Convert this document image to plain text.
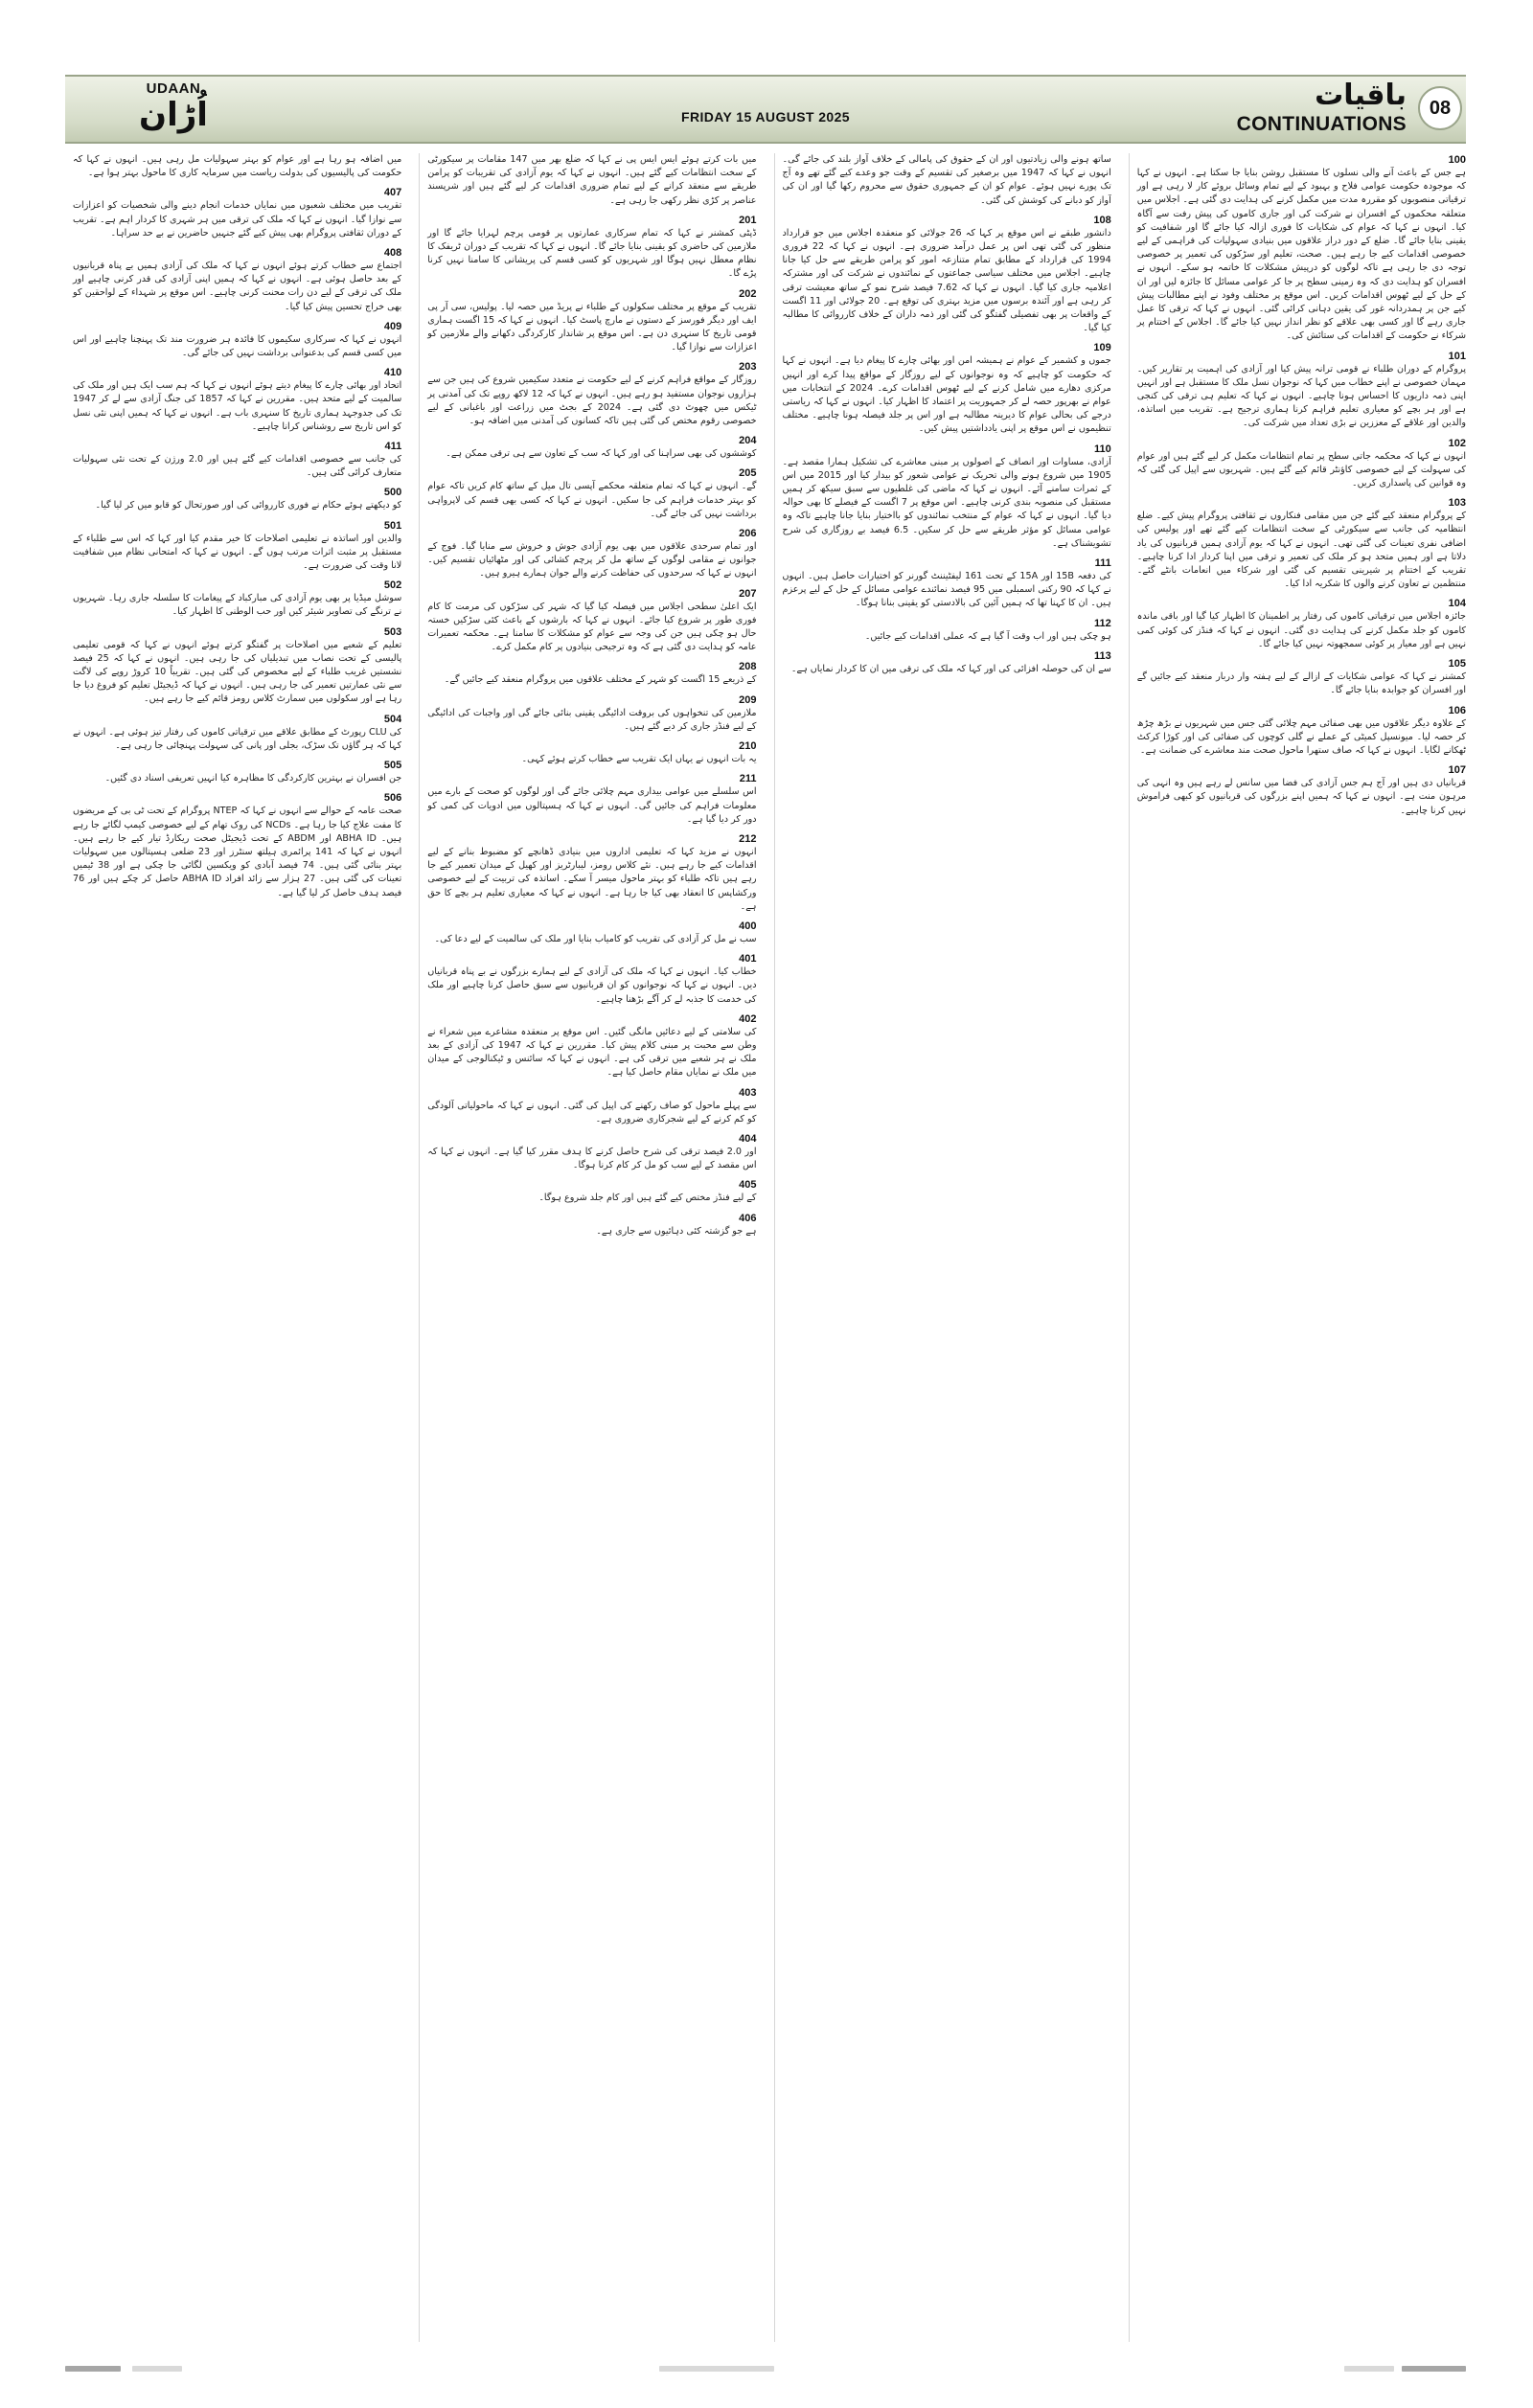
UDAAN
اُڑان	FRIDAY 15 AUGUST 2025
باقیات
CONTINUATIONS
08
100
ہے جس کے باعث آنے والی نسلوں کا مستقبل روشن بنایا جا سکتا ہے۔ انہوں نے کہا کہ موجودہ حکومت عوامی فلاح و بہبود کے لیے تمام وسائل بروئے کار لا رہی ہے اور ترقیاتی منصوبوں کو مقررہ مدت میں مکمل کرنے کی ہدایت دی گئی ہے۔ اجلاس میں متعلقہ محکموں کے افسران نے شرکت کی اور جاری کاموں کی پیش رفت سے آگاہ کیا۔ انہوں نے کہا کہ عوام کی شکایات کا فوری ازالہ کیا جائے گا اور شفافیت کو یقینی بنایا جائے گا۔ ضلع کے دور دراز علاقوں میں بنیادی سہولیات کی فراہمی کے لیے خصوصی اقدامات کیے جا رہے ہیں۔ صحت، تعلیم اور سڑکوں کی تعمیر پر خصوصی توجہ دی جا رہی ہے تاکہ لوگوں کو درپیش مشکلات کا خاتمہ ہو سکے۔ انہوں نے افسران کو ہدایت دی کہ وہ زمینی سطح پر جا کر عوامی مسائل کا جائزہ لیں اور ان کے حل کے لیے ٹھوس اقدامات کریں۔ اس موقع پر مختلف وفود نے اپنے مطالبات پیش کیے جن پر ہمدردانہ غور کی یقین دہانی کرائی گئی۔ انہوں نے کہا کہ ترقی کا عمل جاری رہے گا اور کسی بھی علاقے کو نظر انداز نہیں کیا جائے گا۔ اجلاس کے اختتام پر شرکاء نے حکومت کے اقدامات کی ستائش کی۔
101
پروگرام کے دوران طلباء نے قومی ترانہ پیش کیا اور آزادی کی اہمیت پر تقاریر کیں۔ مہمان خصوصی نے اپنے خطاب میں کہا کہ نوجوان نسل ملک کا مستقبل ہے اور انہیں اپنی ذمہ داریوں کا احساس ہونا چاہیے۔ انہوں نے کہا کہ تعلیم ہی ترقی کی کنجی ہے اور ہر بچے کو معیاری تعلیم فراہم کرنا ہماری ترجیح ہے۔ تقریب میں اساتذہ، والدین اور علاقے کے معززین نے بڑی تعداد میں شرکت کی۔
102
انہوں نے کہا کہ محکمہ جاتی سطح پر تمام انتظامات مکمل کر لیے گئے ہیں اور عوام کی سہولت کے لیے خصوصی کاؤنٹر قائم کیے گئے ہیں۔ شہریوں سے اپیل کی گئی کہ وہ قوانین کی پاسداری کریں۔
103
کے پروگرام منعقد کیے گئے جن میں مقامی فنکاروں نے ثقافتی پروگرام پیش کیے۔ ضلع انتظامیہ کی جانب سے سیکورٹی کے سخت انتظامات کیے گئے تھے اور پولیس کی اضافی نفری تعینات کی گئی تھی۔ انہوں نے کہا کہ یوم آزادی ہمیں قربانیوں کی یاد دلاتا ہے اور ہمیں متحد ہو کر ملک کی تعمیر و ترقی میں اپنا کردار ادا کرنا چاہیے۔ تقریب کے اختتام پر شیرینی تقسیم کی گئی اور شرکاء میں انعامات بانٹے گئے۔ منتظمین نے تعاون کرنے والوں کا شکریہ ادا کیا۔
104
جائزہ اجلاس میں ترقیاتی کاموں کی رفتار پر اطمینان کا اظہار کیا گیا اور باقی ماندہ کاموں کو جلد مکمل کرنے کی ہدایت دی گئی۔ انہوں نے کہا کہ فنڈز کی کوئی کمی نہیں ہے اور معیار پر کوئی سمجھوتہ نہیں کیا جائے گا۔
105
کمشنر نے کہا کہ عوامی شکایات کے ازالے کے لیے ہفتہ وار دربار منعقد کیے جائیں گے اور افسران کو جوابدہ بنایا جائے گا۔
106
کے علاوہ دیگر علاقوں میں بھی صفائی مہم چلائی گئی جس میں شہریوں نے بڑھ چڑھ کر حصہ لیا۔ میونسپل کمیٹی کے عملے نے گلی کوچوں کی صفائی کی اور کوڑا کرکٹ ٹھکانے لگایا۔ انہوں نے کہا کہ صاف ستھرا ماحول صحت مند معاشرے کی ضمانت ہے۔
107
قربانیاں دی ہیں اور آج ہم جس آزادی کی فضا میں سانس لے رہے ہیں وہ انہی کی مرہون منت ہے۔ انہوں نے کہا کہ ہمیں اپنے بزرگوں کی قربانیوں کو کبھی فراموش نہیں کرنا چاہیے۔
ساتھ ہونے والی زیادتیوں اور ان کے حقوق کی پامالی کے خلاف آواز بلند کی جائے گی۔ انہوں نے کہا کہ 1947 میں برصغیر کی تقسیم کے وقت جو وعدے کیے گئے تھے وہ آج تک پورے نہیں ہوئے۔ عوام کو ان کے جمہوری حقوق سے محروم رکھا گیا اور ان کی آواز کو دبانے کی کوشش کی گئی۔
108
دانشور طبقے نے اس موقع پر کہا کہ 26 جولائی کو منعقدہ اجلاس میں جو قرارداد منظور کی گئی تھی اس پر عمل درآمد ضروری ہے۔ انہوں نے کہا کہ 22 فروری 1994 کی قرارداد کے مطابق تمام متنازعہ امور کو پرامن طریقے سے حل کیا جانا چاہیے۔ اجلاس میں مختلف سیاسی جماعتوں کے نمائندوں نے شرکت کی اور مشترکہ اعلامیہ جاری کیا گیا۔ انہوں نے کہا کہ 7.62 فیصد شرح نمو کے ساتھ معیشت ترقی کر رہی ہے اور آئندہ برسوں میں مزید بہتری کی توقع ہے۔ 20 جولائی اور 11 اگست کے واقعات پر بھی تفصیلی گفتگو کی گئی اور ذمہ داران کے خلاف کارروائی کا مطالبہ کیا گیا۔
109
جموں و کشمیر کے عوام نے ہمیشہ امن اور بھائی چارے کا پیغام دیا ہے۔ انہوں نے کہا کہ حکومت کو چاہیے کہ وہ نوجوانوں کے لیے روزگار کے مواقع پیدا کرے اور انہیں مرکزی دھارے میں شامل کرنے کے لیے ٹھوس اقدامات کرے۔ 2024 کے انتخابات میں عوام نے بھرپور حصہ لے کر جمہوریت پر اعتماد کا اظہار کیا۔ انہوں نے کہا کہ ریاستی درجے کی بحالی عوام کا دیرینہ مطالبہ ہے اور اس پر جلد فیصلہ ہونا چاہیے۔ مختلف تنظیموں نے اس موقع پر اپنی یادداشتیں پیش کیں۔
110
آزادی، مساوات اور انصاف کے اصولوں پر مبنی معاشرے کی تشکیل ہمارا مقصد ہے۔ 1905 میں شروع ہونے والی تحریک نے عوامی شعور کو بیدار کیا اور 2015 میں اس کے ثمرات سامنے آئے۔ انہوں نے کہا کہ ماضی کی غلطیوں سے سبق سیکھ کر ہمیں مستقبل کی منصوبہ بندی کرنی چاہیے۔ اس موقع پر 7 اگست کے فیصلے کا بھی حوالہ دیا گیا۔ انہوں نے کہا کہ عوام کے منتخب نمائندوں کو بااختیار بنایا جانا چاہیے تاکہ وہ عوامی مسائل کو مؤثر طریقے سے حل کر سکیں۔ 6.5 فیصد بے روزگاری کی شرح تشویشناک ہے۔
111
کی دفعہ 15B اور 15A کے تحت 161 لیفٹیننٹ گورنر کو اختیارات حاصل ہیں۔ انہوں نے کہا کہ 90 رکنی اسمبلی میں 95 فیصد نمائندے عوامی مسائل کے حل کے لیے پرعزم ہیں۔ ان کا کہنا تھا کہ ہمیں آئین کی بالادستی کو یقینی بنانا ہوگا۔
112
ہو چکی ہیں اور اب وقت آ گیا ہے کہ عملی اقدامات کیے جائیں۔
113
سے ان کی حوصلہ افزائی کی اور کہا کہ ملک کی ترقی میں ان کا کردار نمایاں ہے۔
میں بات کرتے ہوئے ایس ایس پی نے کہا کہ ضلع بھر میں 147 مقامات پر سیکورٹی کے سخت انتظامات کیے گئے ہیں۔ انہوں نے کہا کہ یوم آزادی کی تقریبات کو پرامن طریقے سے منعقد کرانے کے لیے تمام ضروری اقدامات کر لیے گئے ہیں اور شرپسند عناصر پر کڑی نظر رکھی جا رہی ہے۔
201
ڈپٹی کمشنر نے کہا کہ تمام سرکاری عمارتوں پر قومی پرچم لہرایا جائے گا اور ملازمین کی حاضری کو یقینی بنایا جائے گا۔ انہوں نے کہا کہ تقریب کے دوران ٹریفک کا نظام معطل نہیں ہوگا اور شہریوں کو کسی قسم کی پریشانی کا سامنا نہیں کرنا پڑے گا۔
202
تقریب کے موقع پر مختلف سکولوں کے طلباء نے پریڈ میں حصہ لیا۔ پولیس، سی آر پی ایف اور دیگر فورسز کے دستوں نے مارچ پاسٹ کیا۔ انہوں نے کہا کہ 15 اگست ہماری قومی تاریخ کا سنہری دن ہے۔ اس موقع پر شاندار کارکردگی دکھانے والے ملازمین کو اعزازات سے نوازا گیا۔
203
روزگار کے مواقع فراہم کرنے کے لیے حکومت نے متعدد سکیمیں شروع کی ہیں جن سے ہزاروں نوجوان مستفید ہو رہے ہیں۔ انہوں نے کہا کہ 12 لاکھ روپے تک کی آمدنی پر ٹیکس میں چھوٹ دی گئی ہے۔ 2024 کے بجٹ میں زراعت اور باغبانی کے لیے خصوصی رقوم مختص کی گئی ہیں تاکہ کسانوں کی آمدنی میں اضافہ ہو۔
204
کوششوں کی بھی سراہنا کی اور کہا کہ سب کے تعاون سے ہی ترقی ممکن ہے۔
205
گے۔ انہوں نے کہا کہ تمام متعلقہ محکمے آپسی تال میل کے ساتھ کام کریں تاکہ عوام کو بہتر خدمات فراہم کی جا سکیں۔ انہوں نے کہا کہ کسی بھی قسم کی لاپرواہی برداشت نہیں کی جائے گی۔
206
اور تمام سرحدی علاقوں میں بھی یوم آزادی جوش و خروش سے منایا گیا۔ فوج کے جوانوں نے مقامی لوگوں کے ساتھ مل کر پرچم کشائی کی اور مٹھائیاں تقسیم کیں۔ انہوں نے کہا کہ سرحدوں کی حفاظت کرنے والے جوان ہمارے ہیرو ہیں۔
207
ایک اعلیٰ سطحی اجلاس میں فیصلہ کیا گیا کہ شہر کی سڑکوں کی مرمت کا کام فوری طور پر شروع کیا جائے۔ انہوں نے کہا کہ بارشوں کے باعث کئی سڑکیں خستہ حال ہو چکی ہیں جن کی وجہ سے عوام کو مشکلات کا سامنا ہے۔ محکمہ تعمیرات عامہ کو ہدایت دی گئی ہے کہ وہ ترجیحی بنیادوں پر کام مکمل کرے۔
208
کے ذریعے 15 اگست کو شہر کے مختلف علاقوں میں پروگرام منعقد کیے جائیں گے۔
209
ملازمین کی تنخواہوں کی بروقت ادائیگی یقینی بنائی جائے گی اور واجبات کی ادائیگی کے لیے فنڈز جاری کر دیے گئے ہیں۔
210
یہ بات انہوں نے یہاں ایک تقریب سے خطاب کرتے ہوئے کہی۔
211
اس سلسلے میں عوامی بیداری مہم چلائی جائے گی اور لوگوں کو صحت کے بارے میں معلومات فراہم کی جائیں گی۔ انہوں نے کہا کہ ہسپتالوں میں ادویات کی کمی کو دور کر دیا گیا ہے۔
212
انہوں نے مزید کہا کہ تعلیمی اداروں میں بنیادی ڈھانچے کو مضبوط بنانے کے لیے اقدامات کیے جا رہے ہیں۔ نئے کلاس رومز، لیبارٹریز اور کھیل کے میدان تعمیر کیے جا رہے ہیں تاکہ طلباء کو بہتر ماحول میسر آ سکے۔ اساتذہ کی تربیت کے لیے خصوصی ورکشاپس کا انعقاد بھی کیا جا رہا ہے۔ انہوں نے کہا کہ معیاری تعلیم ہر بچے کا حق ہے۔
400
سب نے مل کر آزادی کی تقریب کو کامیاب بنایا اور ملک کی سالمیت کے لیے دعا کی۔
401
خطاب کیا۔ انہوں نے کہا کہ ملک کی آزادی کے لیے ہمارے بزرگوں نے بے پناہ قربانیاں دیں۔ انہوں نے کہا کہ نوجوانوں کو ان قربانیوں سے سبق حاصل کرنا چاہیے اور ملک کی خدمت کا جذبہ لے کر آگے بڑھنا چاہیے۔
402
کی سلامتی کے لیے دعائیں مانگی گئیں۔ اس موقع پر منعقدہ مشاعرے میں شعراء نے وطن سے محبت پر مبنی کلام پیش کیا۔ مقررین نے کہا کہ 1947 کی آزادی کے بعد ملک نے ہر شعبے میں ترقی کی ہے۔ انہوں نے کہا کہ سائنس و ٹیکنالوجی کے میدان میں ملک نے نمایاں مقام حاصل کیا ہے۔
403
سے پہلے ماحول کو صاف رکھنے کی اپیل کی گئی۔ انہوں نے کہا کہ ماحولیاتی آلودگی کو کم کرنے کے لیے شجرکاری ضروری ہے۔
404
اور 2.0 فیصد ترقی کی شرح حاصل کرنے کا ہدف مقرر کیا گیا ہے۔ انہوں نے کہا کہ اس مقصد کے لیے سب کو مل کر کام کرنا ہوگا۔
405
کے لیے فنڈز مختص کیے گئے ہیں اور کام جلد شروع ہوگا۔
406
ہے جو گزشتہ کئی دہائیوں سے جاری ہے۔
میں اضافہ ہو رہا ہے اور عوام کو بہتر سہولیات مل رہی ہیں۔ انہوں نے کہا کہ حکومت کی پالیسیوں کی بدولت ریاست میں سرمایہ کاری کا ماحول بہتر ہوا ہے۔
407
تقریب میں مختلف شعبوں میں نمایاں خدمات انجام دینے والی شخصیات کو اعزازات سے نوازا گیا۔ انہوں نے کہا کہ ملک کی ترقی میں ہر شہری کا کردار اہم ہے۔ تقریب کے دوران ثقافتی پروگرام بھی پیش کیے گئے جنہیں حاضرین نے بے حد سراہا۔
408
اجتماع سے خطاب کرتے ہوئے انہوں نے کہا کہ ملک کی آزادی ہمیں بے پناہ قربانیوں کے بعد حاصل ہوئی ہے۔ انہوں نے کہا کہ ہمیں اپنی آزادی کی قدر کرنی چاہیے اور ملک کی ترقی کے لیے دن رات محنت کرنی چاہیے۔ اس موقع پر شہداء کے لواحقین کو بھی خراج تحسین پیش کیا گیا۔
409
انہوں نے کہا کہ سرکاری سکیموں کا فائدہ ہر ضرورت مند تک پہنچنا چاہیے اور اس میں کسی قسم کی بدعنوانی برداشت نہیں کی جائے گی۔
410
اتحاد اور بھائی چارے کا پیغام دیتے ہوئے انہوں نے کہا کہ ہم سب ایک ہیں اور ملک کی سالمیت کے لیے متحد ہیں۔ مقررین نے کہا کہ 1857 کی جنگ آزادی سے لے کر 1947 تک کی جدوجہد ہماری تاریخ کا سنہری باب ہے۔ انہوں نے کہا کہ ہمیں اپنی نئی نسل کو اس تاریخ سے روشناس کرانا چاہیے۔
411
کی جانب سے خصوصی اقدامات کیے گئے ہیں اور 2.0 ورژن کے تحت نئی سہولیات متعارف کرائی گئی ہیں۔
500
کو دیکھتے ہوئے حکام نے فوری کارروائی کی اور صورتحال کو قابو میں کر لیا گیا۔
501
والدین اور اساتذہ نے تعلیمی اصلاحات کا خیر مقدم کیا اور کہا کہ اس سے طلباء کے مستقبل پر مثبت اثرات مرتب ہوں گے۔ انہوں نے کہا کہ امتحانی نظام میں شفافیت لانا وقت کی ضرورت ہے۔
502
سوشل میڈیا پر بھی یوم آزادی کی مبارکباد کے پیغامات کا سلسلہ جاری رہا۔ شہریوں نے ترنگے کی تصاویر شیئر کیں اور حب الوطنی کا اظہار کیا۔
503
تعلیم کے شعبے میں اصلاحات پر گفتگو کرتے ہوئے انہوں نے کہا کہ قومی تعلیمی پالیسی کے تحت نصاب میں تبدیلیاں کی جا رہی ہیں۔ انہوں نے کہا کہ 25 فیصد نشستیں غریب طلباء کے لیے مخصوص کی گئی ہیں۔ تقریباً 10 کروڑ روپے کی لاگت سے نئی عمارتیں تعمیر کی جا رہی ہیں۔ انہوں نے کہا کہ ڈیجیٹل تعلیم کو فروغ دیا جا رہا ہے اور سکولوں میں سمارٹ کلاس رومز قائم کیے جا رہے ہیں۔
504
کی CLU رپورٹ کے مطابق علاقے میں ترقیاتی کاموں کی رفتار تیز ہوئی ہے۔ انہوں نے کہا کہ ہر گاؤں تک سڑک، بجلی اور پانی کی سہولت پہنچائی جا رہی ہے۔
505
جن افسران نے بہترین کارکردگی کا مظاہرہ کیا انہیں تعریفی اسناد دی گئیں۔
506
صحت عامہ کے حوالے سے انہوں نے کہا کہ NTEP پروگرام کے تحت ٹی بی کے مریضوں کا مفت علاج کیا جا رہا ہے۔ NCDs کی روک تھام کے لیے خصوصی کیمپ لگائے جا رہے ہیں۔ ABHA ID اور ABDM کے تحت ڈیجیٹل صحت ریکارڈ تیار کیے جا رہے ہیں۔ انہوں نے کہا کہ 141 پرائمری ہیلتھ سنٹرز اور 23 ضلعی ہسپتالوں میں سہولیات بہتر بنائی گئی ہیں۔ 74 فیصد آبادی کو ویکسین لگائی جا چکی ہے اور 38 ٹیمیں تعینات کی گئی ہیں۔ 27 ہزار سے زائد افراد ABHA ID حاصل کر چکے ہیں اور 76 فیصد ہدف حاصل کر لیا گیا ہے۔
